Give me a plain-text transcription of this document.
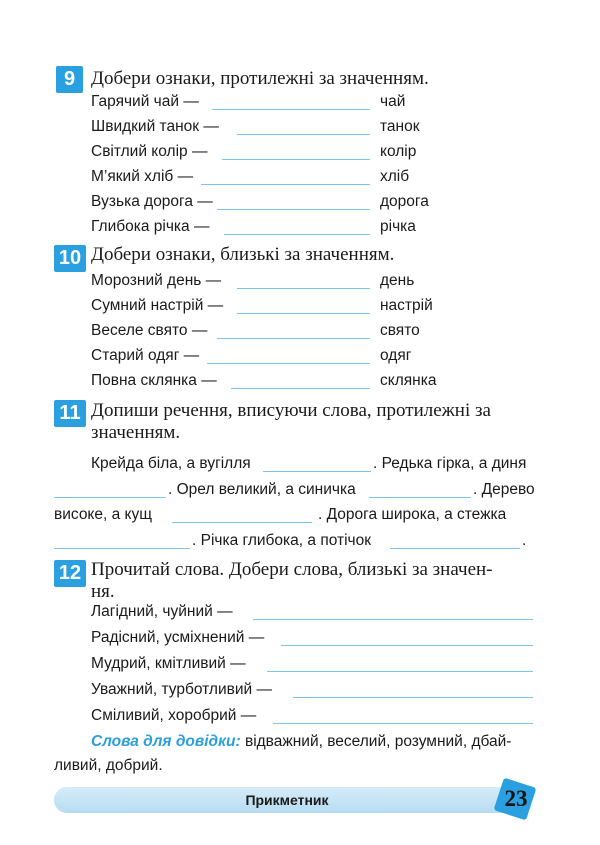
9 Добери ознаки, протилежні за значенням.
Гарячий чай —	чай
Швидкий танок —	танок
Світлий колір —	колір
М’який хліб —	хліб
Вузька дорога —	дорога
Глибока річка —	річка
10 Добери ознаки, близькі за значенням.
Морозний день —	день
Сумний настрій —	настрій
Веселе свято —	свято
Старий одяг —	одяг
Повна склянка —	склянка
11 Допиши речення, вписуючи слова, протилежні за
значенням.
Крейда біла, а вугілля	. Редька гірка, а диня
. Орел великий, а синичка	. Дерево
високе, а кущ	. Дорога широка, а стежка
. Річка глибока, а потічок	.
12 Прочитай слова. Добери слова, близькі за значен-
ня.
Лагідний, чуйний —
Радісний, усміхнений —
Мудрий, кмітливий —
Уважний, турботливий —
Сміливий, хоробрий —
Слова для довідки: відважний, веселий, розумний, дбай-
ливий, добрий.
Прикметник	23
